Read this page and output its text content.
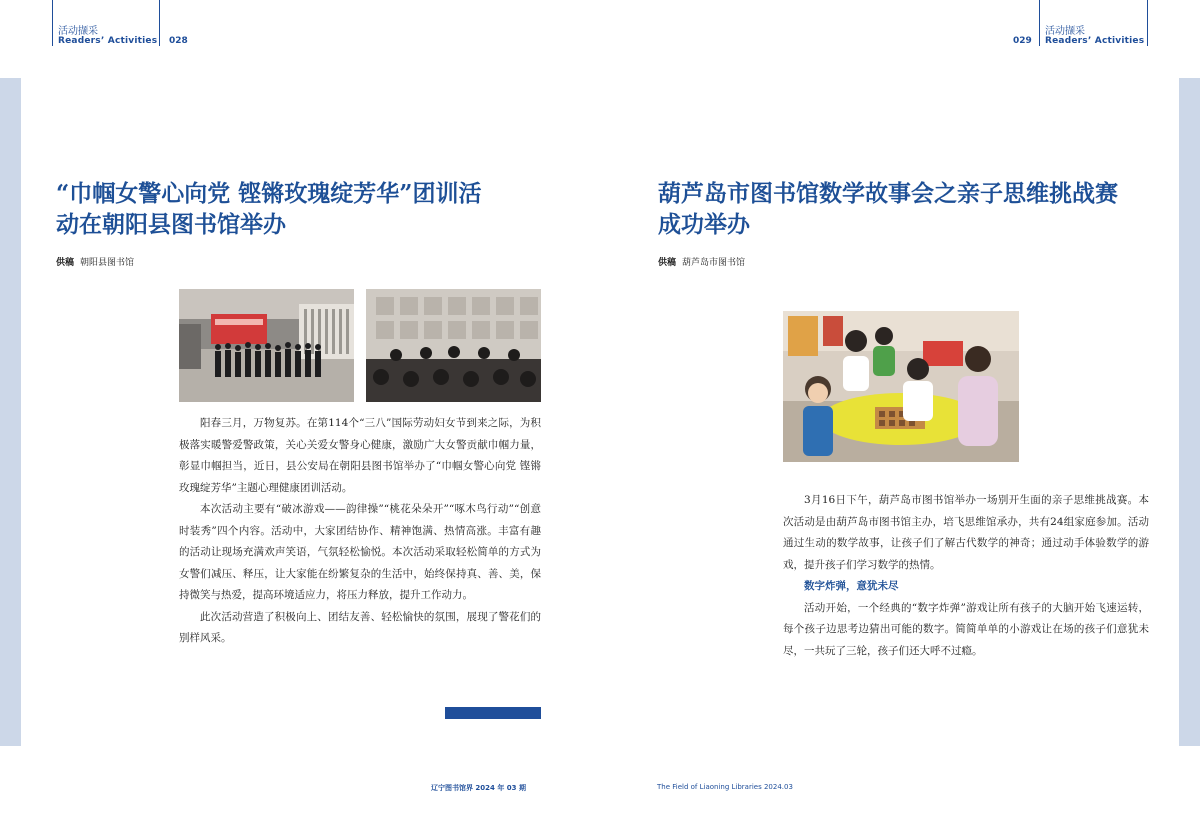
活动撷采
Readers’ Activities 028	029
活动撷采
Readers’ Activities
“巾帼女警心向党 铿锵玫瑰绽芳华”团训活
动在朝阳县图书馆举办
供稿 朝阳县图书馆

阳春三月，万物复苏。在第114个“三八”国际劳动妇女节到来之际，为积极落实暖警爱警政策，关心关爱女警身心健康，激励广大女警贡献巾帼力量，彰显巾帼担当，近日，县公安局在朝阳县图书馆举办了“巾帼女警心向党 铿锵玫瑰绽芳华”主题心理健康团训活动。

本次活动主要有“破冰游戏——韵律操”“桃花朵朵开”“啄木鸟行动”“创意时装秀”四个内容。活动中，大家团结协作、精神饱满、热情高涨。丰富有趣的活动让现场充满欢声笑语，气氛轻松愉悦。本次活动采取轻松简单的方式为女警们减压、释压，让大家能在纷繁复杂的生活中，始终保持真、善、美，保持微笑与热爱，提高环境适应力，将压力释放，提升工作动力。

此次活动营造了积极向上、团结友善、轻松愉快的氛围，展现了警花们的别样风采。

葫芦岛市图书馆数学故事会之亲子思维挑战赛
成功举办
供稿 葫芦岛市图书馆

3月16日下午，葫芦岛市图书馆举办一场别开生面的亲子思维挑战赛。本次活动是由葫芦岛市图书馆主办，培飞思维馆承办，共有24组家庭参加。活动通过生动的数学故事，让孩子们了解古代数学的神奇；通过动手体验数学的游戏，提升孩子们学习数学的热情。

数字炸弹，意犹未尽

活动开始，一个经典的“数字炸弹”游戏让所有孩子的大脑开始飞速运转，每个孩子边思考边猜出可能的数字。简简单单的小游戏让在场的孩子们意犹未尽，一共玩了三轮，孩子们还大呼不过瘾。

辽宁图书馆界 2024 年 03 期	The Field of Liaoning Libraries 2024.03
